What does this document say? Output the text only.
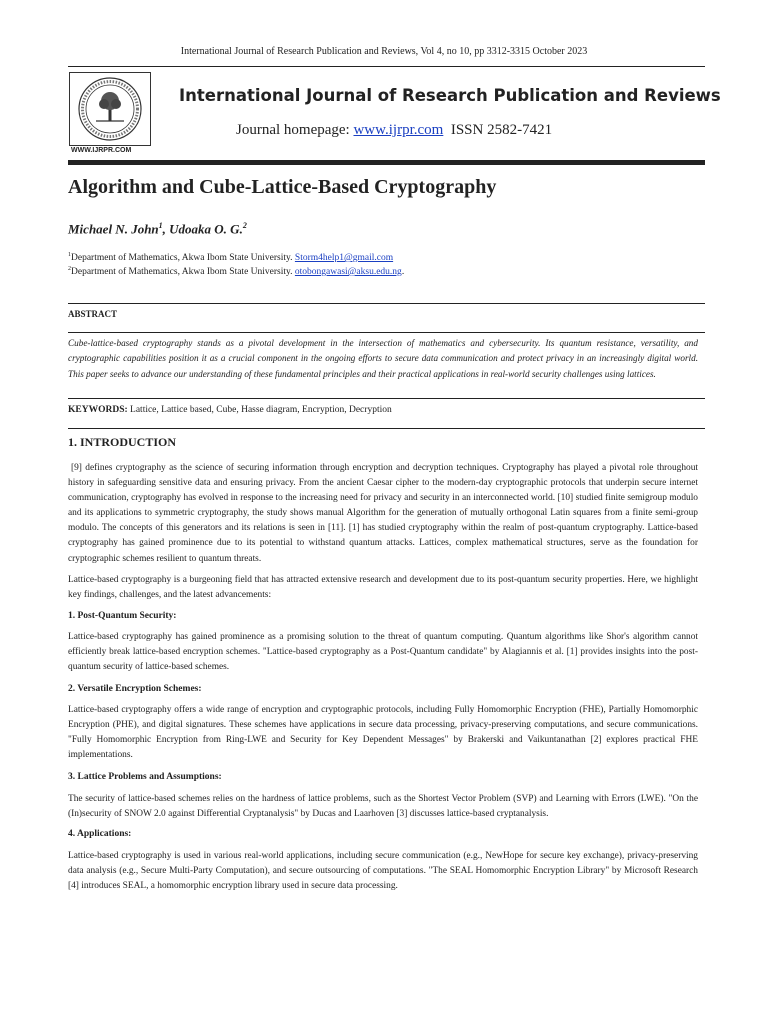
International Journal of Research Publication and Reviews, Vol 4, no 10, pp 3312-3315 October 2023
WWW.IJRPR.COM
International Journal of Research Publication and Reviews
Journal homepage: www.ijrpr.com ISSN 2582-7421
Algorithm and Cube-Lattice-Based Cryptography
Michael N. John$^1$, Udoaka O. G.$^2$
$^1$Department of Mathematics, Akwa Ibom State University. Storm4help1@gmail.com
$^2$Department of Mathematics, Akwa Ibom State University. otobongawasi@aksu.edu.ng.
ABSTRACT
Cube-lattice-based cryptography stands as a pivotal development in the intersection of mathematics and cybersecurity. Its quantum resistance, versatility, and cryptographic capabilities position it as a crucial component in the ongoing efforts to secure data communication and protect privacy in an increasingly digital world. This paper seeks to advance our understanding of these fundamental principles and their practical applications in real-world security challenges using lattices.
KEYWORDS: Lattice, Lattice based, Cube, Hasse diagram, Encryption, Decryption
1. INTRODUCTION
[9] defines cryptography as the science of securing information through encryption and decryption techniques. Cryptography has played a pivotal role throughout history in safeguarding sensitive data and ensuring privacy. From the ancient Caesar cipher to the modern-day cryptographic protocols that underpin secure internet communication, cryptography has evolved in response to the increasing need for privacy and security in an interconnected world. [10] studied finite semigroup modulo and its applications to symmetric cryptography, the study shows manual Algorithm for the generation of mutually orthogonal Latin squares from a finite semi-group modulo. The concepts of this generators and its relations is seen in [11]. [1] has studied cryptography within the realm of post-quantum cryptography. Lattice-based cryptography has gained prominence due to its potential to withstand quantum attacks. Lattices, complex mathematical structures, serve as the foundation for cryptographic schemes resilient to quantum threats.
Lattice-based cryptography is a burgeoning field that has attracted extensive research and development due to its post-quantum security properties. Here, we highlight key findings, challenges, and the latest advancements:
1. Post-Quantum Security:
Lattice-based cryptography has gained prominence as a promising solution to the threat of quantum computing. Quantum algorithms like Shor's algorithm cannot efficiently break lattice-based encryption schemes. "Lattice-based cryptography as a Post-Quantum candidate" by Alagiannis et al. [1] provides insights into the post-quantum security of lattice-based schemes.
2. Versatile Encryption Schemes:
Lattice-based cryptography offers a wide range of encryption and cryptographic protocols, including Fully Homomorphic Encryption (FHE), Partially Homomorphic Encryption (PHE), and digital signatures. These schemes have applications in secure data processing, privacy-preserving computations, and secure communications. "Fully Homomorphic Encryption from Ring-LWE and Security for Key Dependent Messages" by Brakerski and Vaikuntanathan [2] explores practical FHE implementations.
3. Lattice Problems and Assumptions:
The security of lattice-based schemes relies on the hardness of lattice problems, such as the Shortest Vector Problem (SVP) and Learning with Errors (LWE). "On the (In)security of SNOW 2.0 against Differential Cryptanalysis" by Ducas and Laarhoven [3] discusses lattice-based cryptanalysis.
4. Applications:
Lattice-based cryptography is used in various real-world applications, including secure communication (e.g., NewHope for secure key exchange), privacy-preserving data analysis (e.g., Secure Multi-Party Computation), and secure outsourcing of computations. "The SEAL Homomorphic Encryption Library" by Microsoft Research [4] introduces SEAL, a homomorphic encryption library used in secure data processing.
